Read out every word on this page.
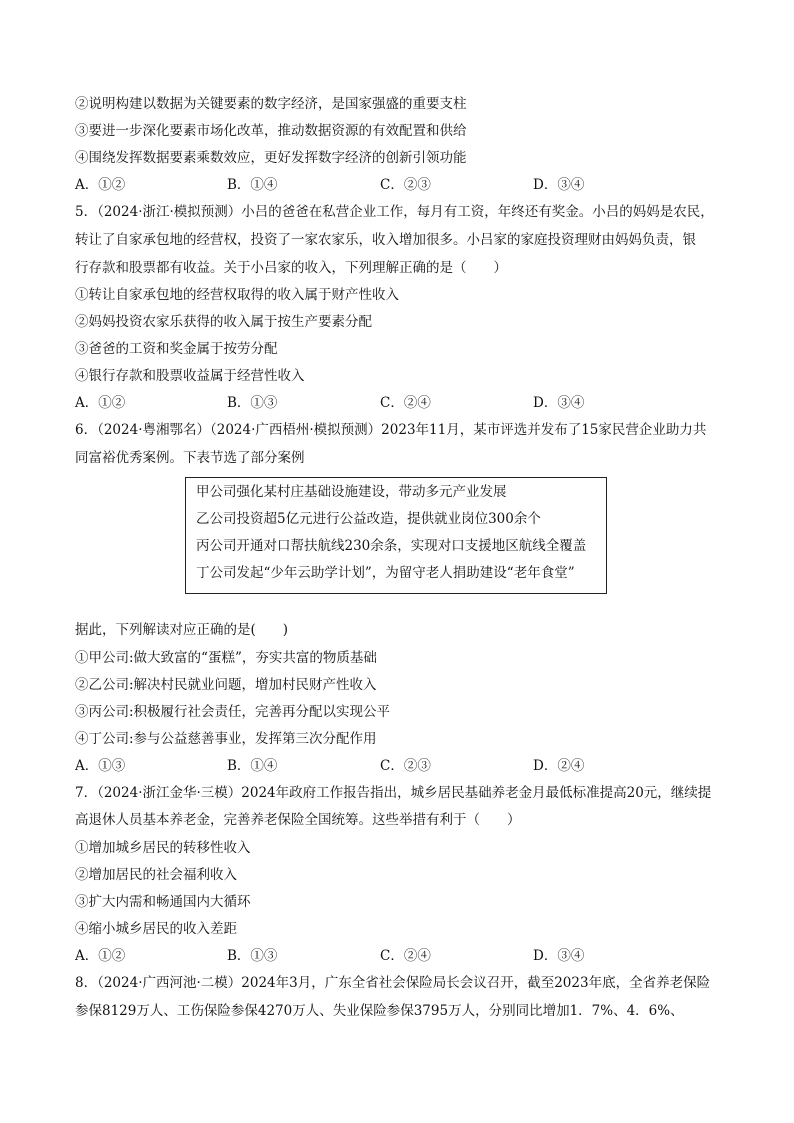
②说明构建以数据为关键要素的数字经济，是国家强盛的重要支柱
③要进一步深化要素市场化改革，推动数据资源的有效配置和供给
④围绕发挥数据要素乘数效应，更好发挥数字经济的创新引领功能
A．①②	B．①④	C．②③	D．③④
5．（2024·浙江·模拟预测）小吕的爸爸在私营企业工作，每月有工资，年终还有奖金。小吕的妈妈是农民，
转让了自家承包地的经营权，投资了一家农家乐，收入增加很多。小吕家的家庭投资理财由妈妈负责，银
行存款和股票都有收益。关于小吕家的收入，下列理解正确的是（　　）
①转让自家承包地的经营权取得的收入属于财产性收入
②妈妈投资农家乐获得的收入属于按生产要素分配
③爸爸的工资和奖金属于按劳分配
④银行存款和股票收益属于经营性收入
A．①②	B．①③	C．②④	D．③④
6．（2024·粤湘鄂名）（2024·广西梧州·模拟预测）2023年11月，某市评选并发布了15家民营企业助力共
同富裕优秀案例。下表节选了部分案例
甲公司强化某村庄基础设施建设，带动多元产业发展
乙公司投资超5亿元进行公益改造，提供就业岗位300余个
丙公司开通对口帮扶航线230余条，实现对口支援地区航线全覆盖
丁公司发起“少年云助学计划”，为留守老人捐助建设“老年食堂”
据此，下列解读对应正确的是(　　)
①甲公司:做大致富的“蛋糕”，夯实共富的物质基础
②乙公司:解决村民就业问题，增加村民财产性收入
③丙公司:积极履行社会责任，完善再分配以实现公平
④丁公司:参与公益慈善事业，发挥第三次分配作用
A．①③	B．①④	C．②③	D．②④
7．（2024·浙江金华·三模）2024年政府工作报告指出，城乡居民基础养老金月最低标准提高20元，继续提
高退休人员基本养老金，完善养老保险全国统筹。这些举措有利于（　　）
①增加城乡居民的转移性收入
②增加居民的社会福利收入
③扩大内需和畅通国内大循环
④缩小城乡居民的收入差距
A．①②	B．①③	C．②④	D．③④
8．（2024·广西河池·二模）2024年3月，广东全省社会保险局长会议召开，截至2023年底，全省养老保险
参保8129万人、工伤保险参保4270万人、失业保险参保3795万人，分别同比增加1．7%、4．6%、
